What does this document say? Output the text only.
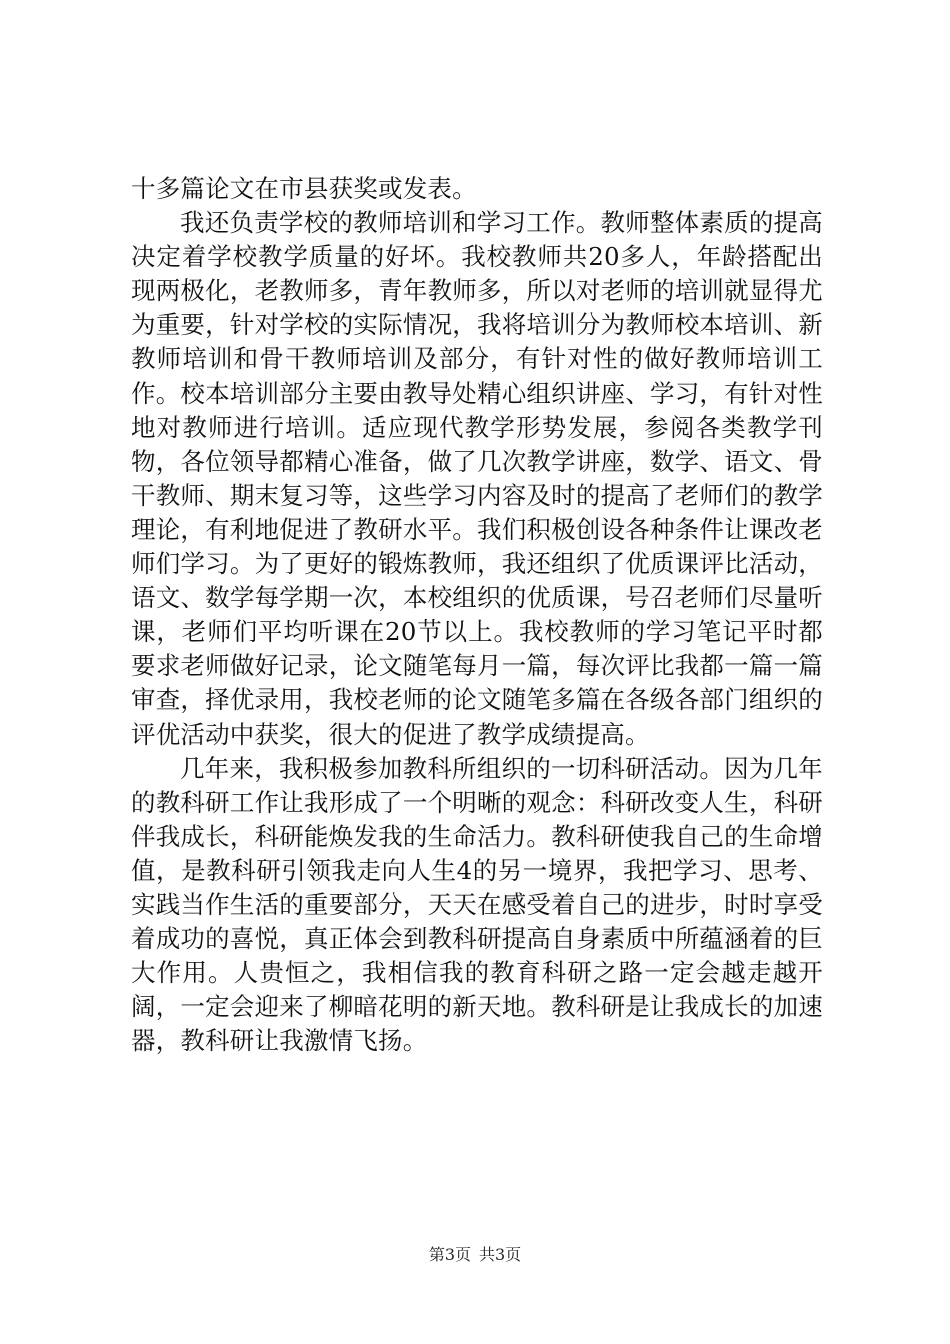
十多篇论文在市县获奖或发表。

我还负责学校的教师培训和学习工作。教师整体素质的提高决定着学校教学质量的好坏。我校教师共20多人，年龄搭配出现两极化，老教师多，青年教师多，所以对老师的培训就显得尤为重要，针对学校的实际情况，我将培训分为教师校本培训、新教师培训和骨干教师培训及部分，有针对性的做好教师培训工作。校本培训部分主要由教导处精心组织讲座、学习，有针对性地对教师进行培训。适应现代教学形势发展，参阅各类教学刊物，各位领导都精心准备，做了几次教学讲座，数学、语文、骨干教师、期末复习等，这些学习内容及时的提高了老师们的教学理论，有利地促进了教研水平。我们积极创设各种条件让课改老师们学习。为了更好的锻炼教师，我还组织了优质课评比活动，语文、数学每学期一次，本校组织的优质课，号召老师们尽量听课，老师们平均听课在20节以上。我校教师的学习笔记平时都要求老师做好记录，论文随笔每月一篇，每次评比我都一篇一篇审查，择优录用，我校老师的论文随笔多篇在各级各部门组织的评优活动中获奖，很大的促进了教学成绩提高。

几年来，我积极参加教科所组织的一切科研活动。因为几年的教科研工作让我形成了一个明晰的观念：科研改变人生，科研伴我成长，科研能焕发我的生命活力。教科研使我自己的生命增值，是教科研引领我走向人生4的另一境界，我把学习、思考、实践当作生活的重要部分，天天在感受着自己的进步，时时享受着成功的喜悦，真正体会到教科研提高自身素质中所蕴涵着的巨大作用。人贵恒之，我相信我的教育科研之路一定会越走越开阔，一定会迎来了柳暗花明的新天地。教科研是让我成长的加速器，教科研让我激情飞扬。

第3页 共3页
